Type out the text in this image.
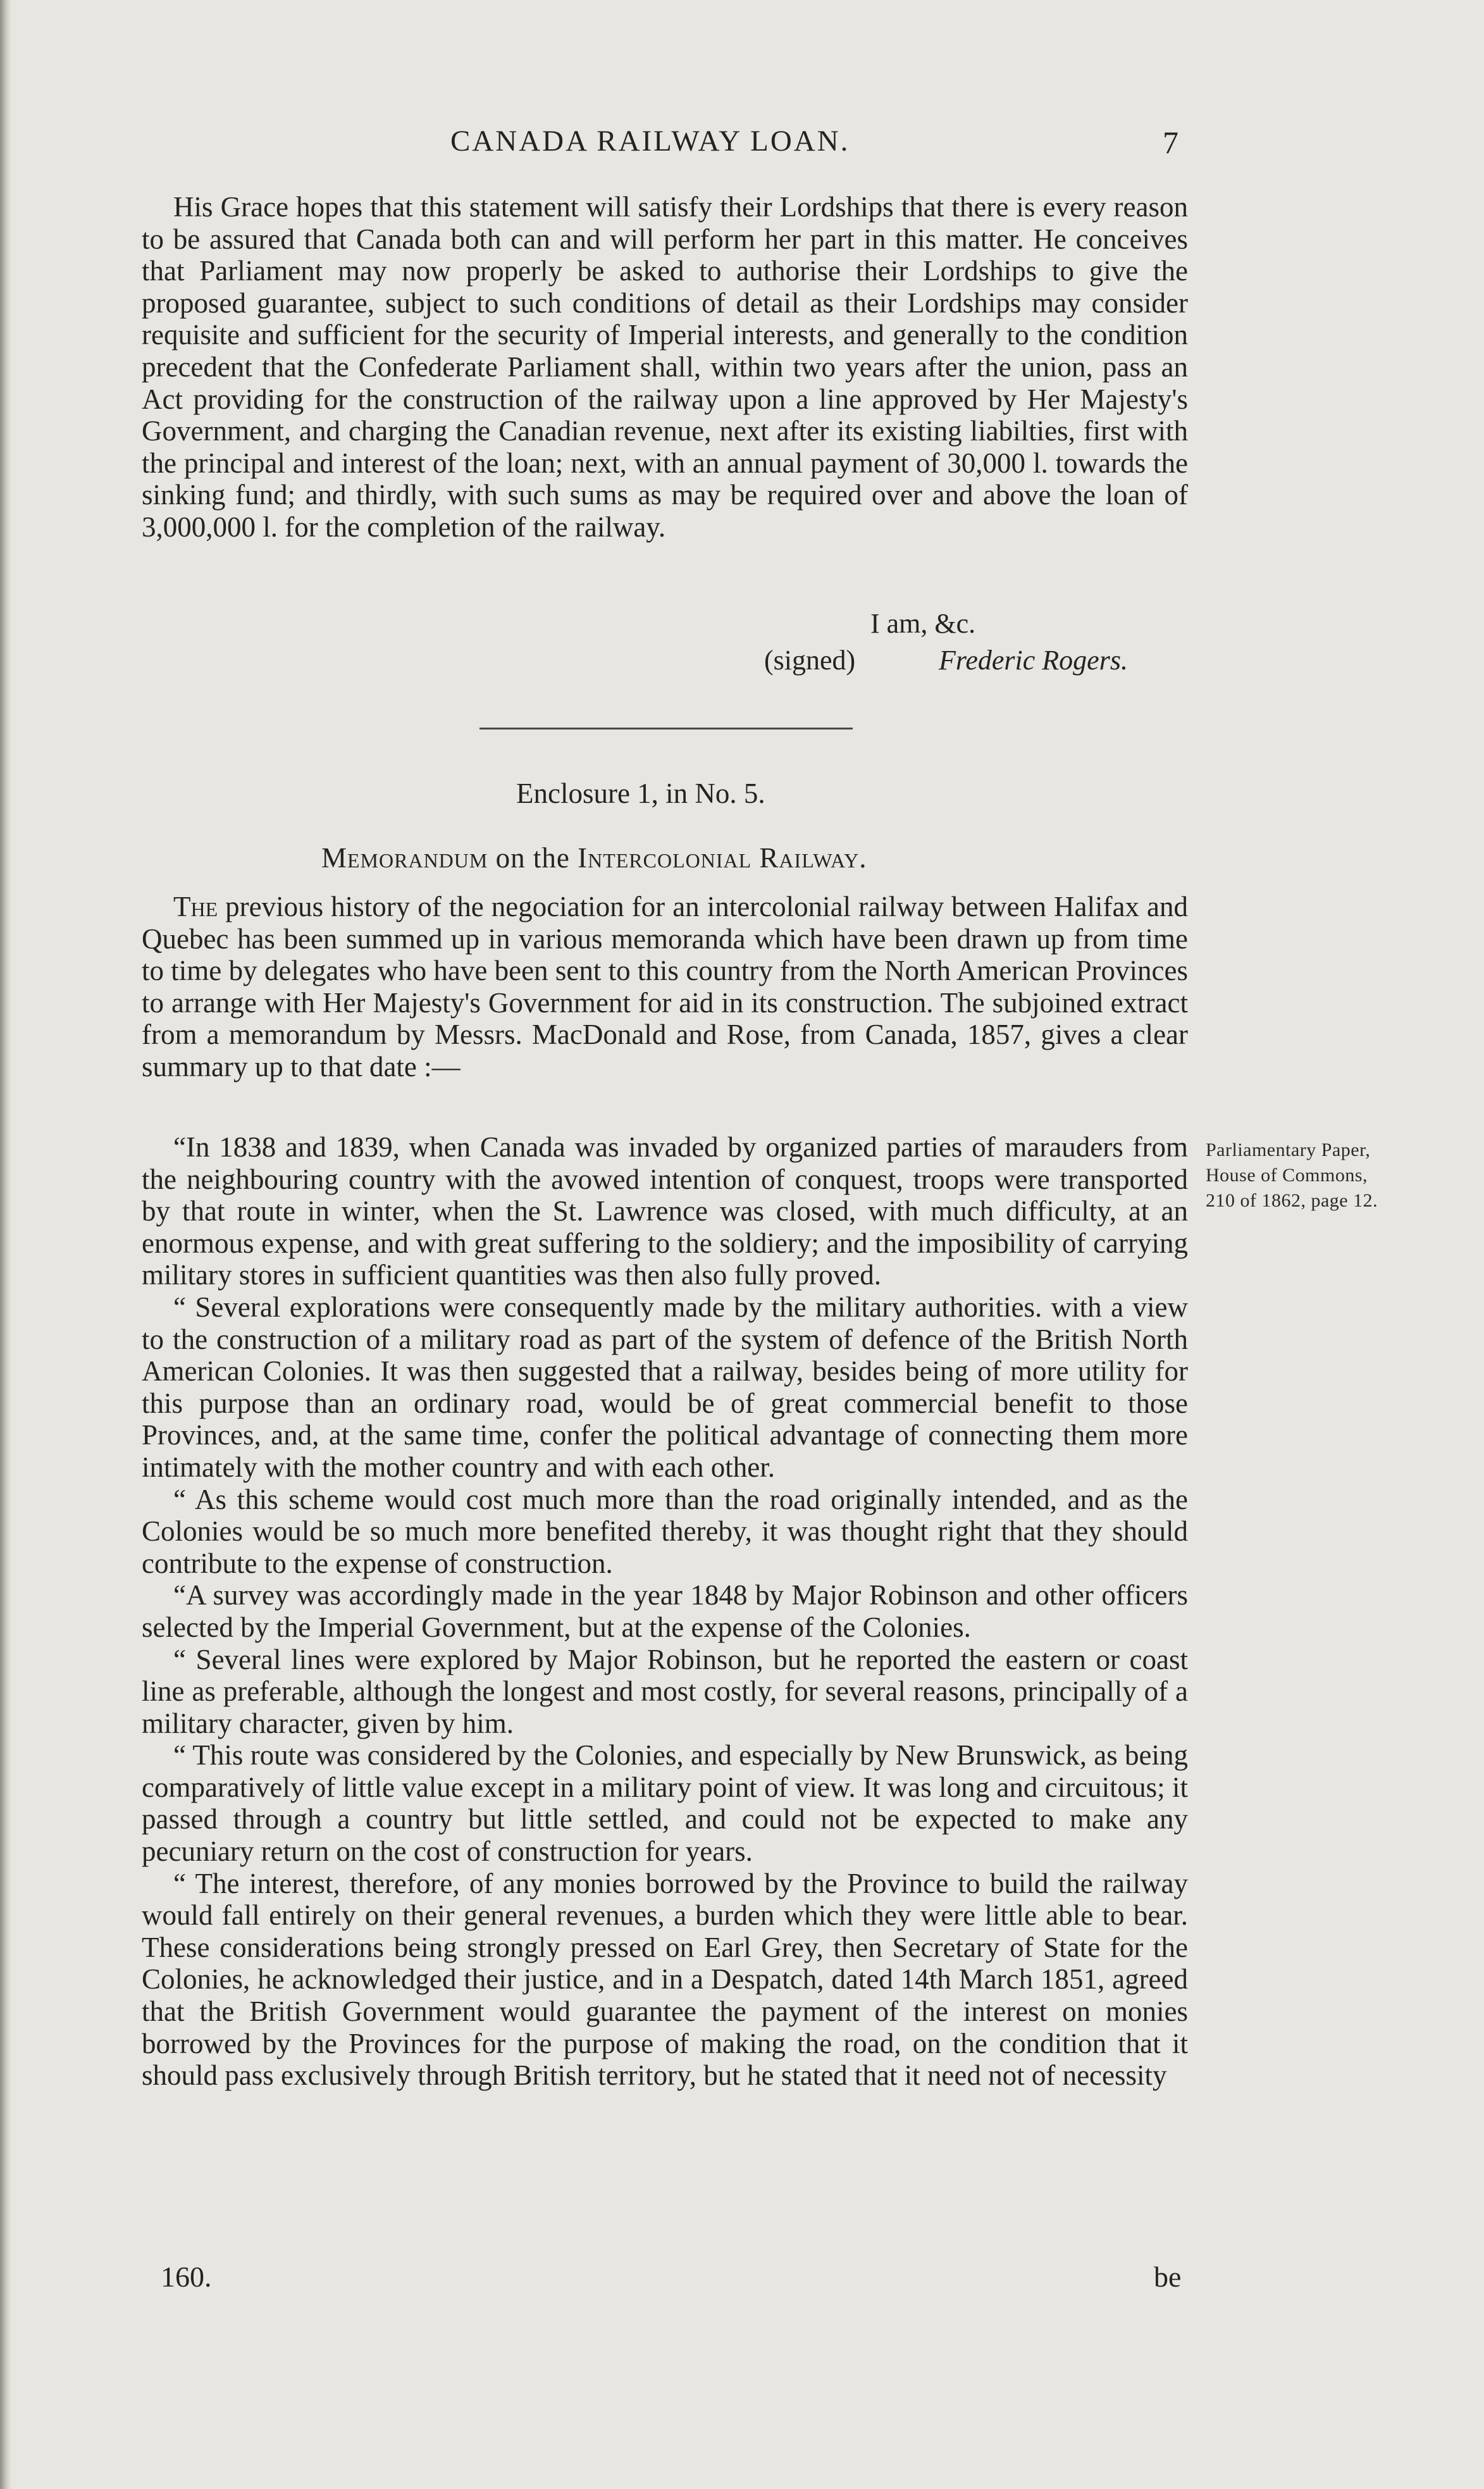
CANADA RAILWAY LOAN.	7
His Grace hopes that this statement will satisfy their Lordships that there is every reason to be assured that Canada both can and will perform her part in this matter. He conceives that Parliament may now properly be asked to authorise their Lordships to give the proposed guarantee, subject to such conditions of detail as their Lordships may consider requisite and sufficient for the security of Imperial interests, and generally to the condition precedent that the Confederate Parliament shall, within two years after the union, pass an Act providing for the construction of the railway upon a line approved by Her Majesty's Government, and charging the Canadian revenue, next after its existing liabilties, first with the principal and interest of the loan; next, with an annual payment of 30,000 l. towards the sinking fund; and thirdly, with such sums as may be required over and above the loan of 3,000,000 l. for the completion of the railway.
I am, &c.
(signed)	Frederic Rogers.
Enclosure 1, in No. 5.
Memorandum on the Intercolonial Railway.
The previous history of the negociation for an intercolonial railway between Halifax and Quebec has been summed up in various memoranda which have been drawn up from time to time by delegates who have been sent to this country from the North American Provinces to arrange with Her Majesty's Government for aid in its construction. The subjoined extract from a memorandum by Messrs. MacDonald and Rose, from Canada, 1857, gives a clear summary up to that date :—

“In 1838 and 1839, when Canada was invaded by organized parties of marauders from the neighbouring country with the avowed intention of conquest, troops were transported by that route in winter, when the St. Lawrence was closed, with much difficulty, at an enormous expense, and with great suffering to the soldiery; and the imposibility of carrying military stores in sufficient quantities was then also fully proved.

“ Several explorations were consequently made by the military authorities. with a view to the construction of a military road as part of the system of defence of the British North American Colonies. It was then suggested that a railway, besides being of more utility for this purpose than an ordinary road, would be of great commercial benefit to those Provinces, and, at the same time, confer the political advantage of connecting them more intimately with the mother country and with each other.

“ As this scheme would cost much more than the road originally intended, and as the Colonies would be so much more benefited thereby, it was thought right that they should contribute to the expense of construction.

“A survey was accordingly made in the year 1848 by Major Robinson and other officers selected by the Imperial Government, but at the expense of the Colonies.

“ Several lines were explored by Major Robinson, but he reported the eastern or coast line as preferable, although the longest and most costly, for several reasons, principally of a military character, given by him.

“ This route was considered by the Colonies, and especially by New Brunswick, as being comparatively of little value except in a military point of view. It was long and circuitous; it passed through a country but little settled, and could not be expected to make any pecuniary return on the cost of construction for years.

“ The interest, therefore, of any monies borrowed by the Province to build the railway would fall entirely on their general revenues, a burden which they were little able to bear. These considerations being strongly pressed on Earl Grey, then Secretary of State for the Colonies, he acknowledged their justice, and in a Despatch, dated 14th March 1851, agreed that the British Government would guarantee the payment of the interest on monies borrowed by the Provinces for the purpose of making the road, on the condition that it should pass exclusively through British territory, but he stated that it need not of necessity

Parliamentary Paper, House of Commons, 210 of 1862, page 12.
160.	be
